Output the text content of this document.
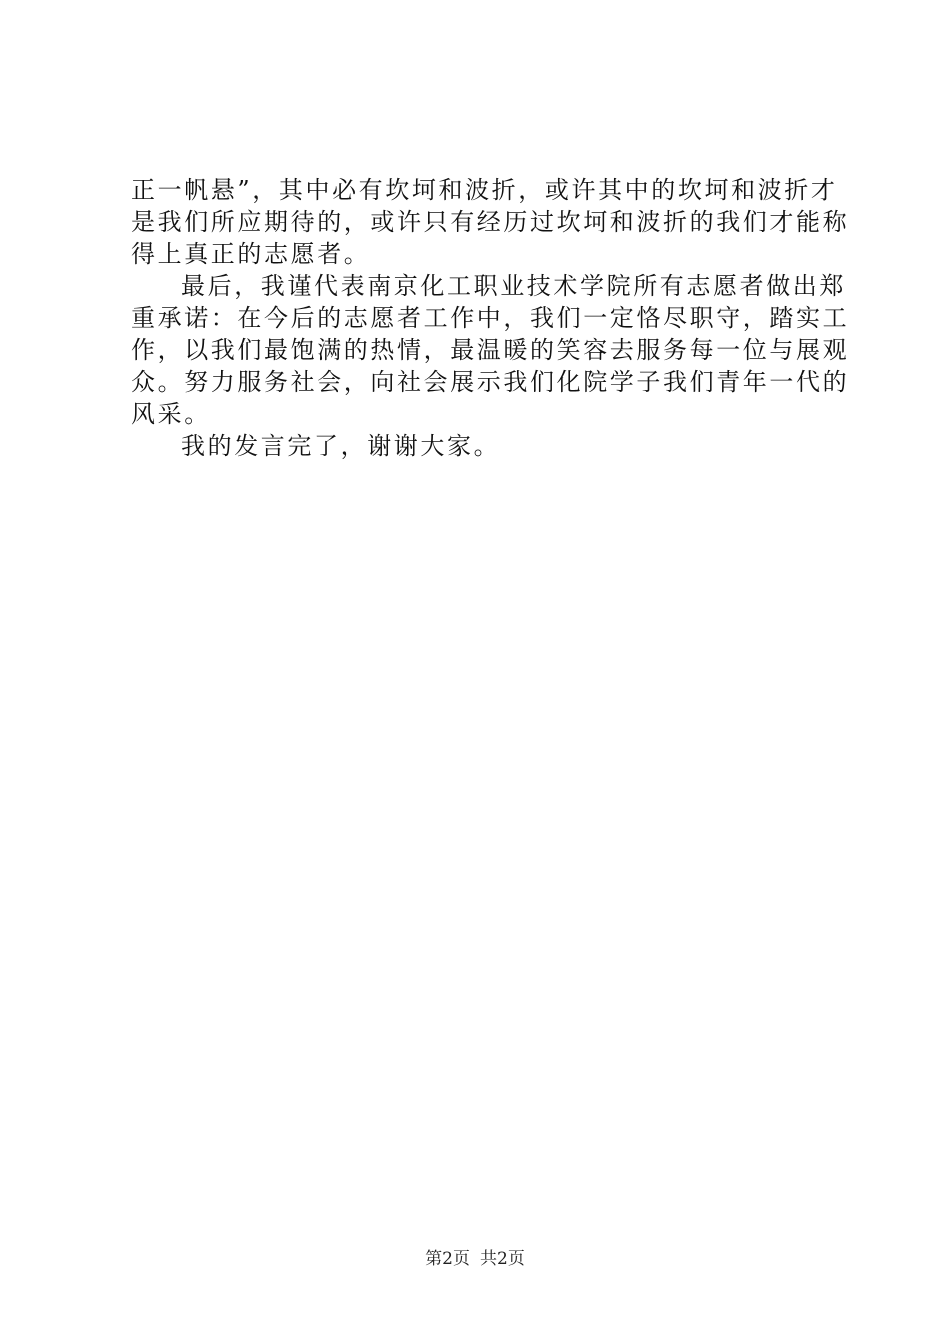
正一帆悬”，其中必有坎坷和波折，或许其中的坎坷和波折才
是我们所应期待的，或许只有经历过坎坷和波折的我们才能称
得上真正的志愿者。
最后，我谨代表南京化工职业技术学院所有志愿者做出郑
重承诺：在今后的志愿者工作中，我们一定恪尽职守，踏实工
作，以我们最饱满的热情，最温暖的笑容去服务每一位与展观
众。努力服务社会，向社会展示我们化院学子我们青年一代的
风采。
我的发言完了，谢谢大家。
第2页 共2页
